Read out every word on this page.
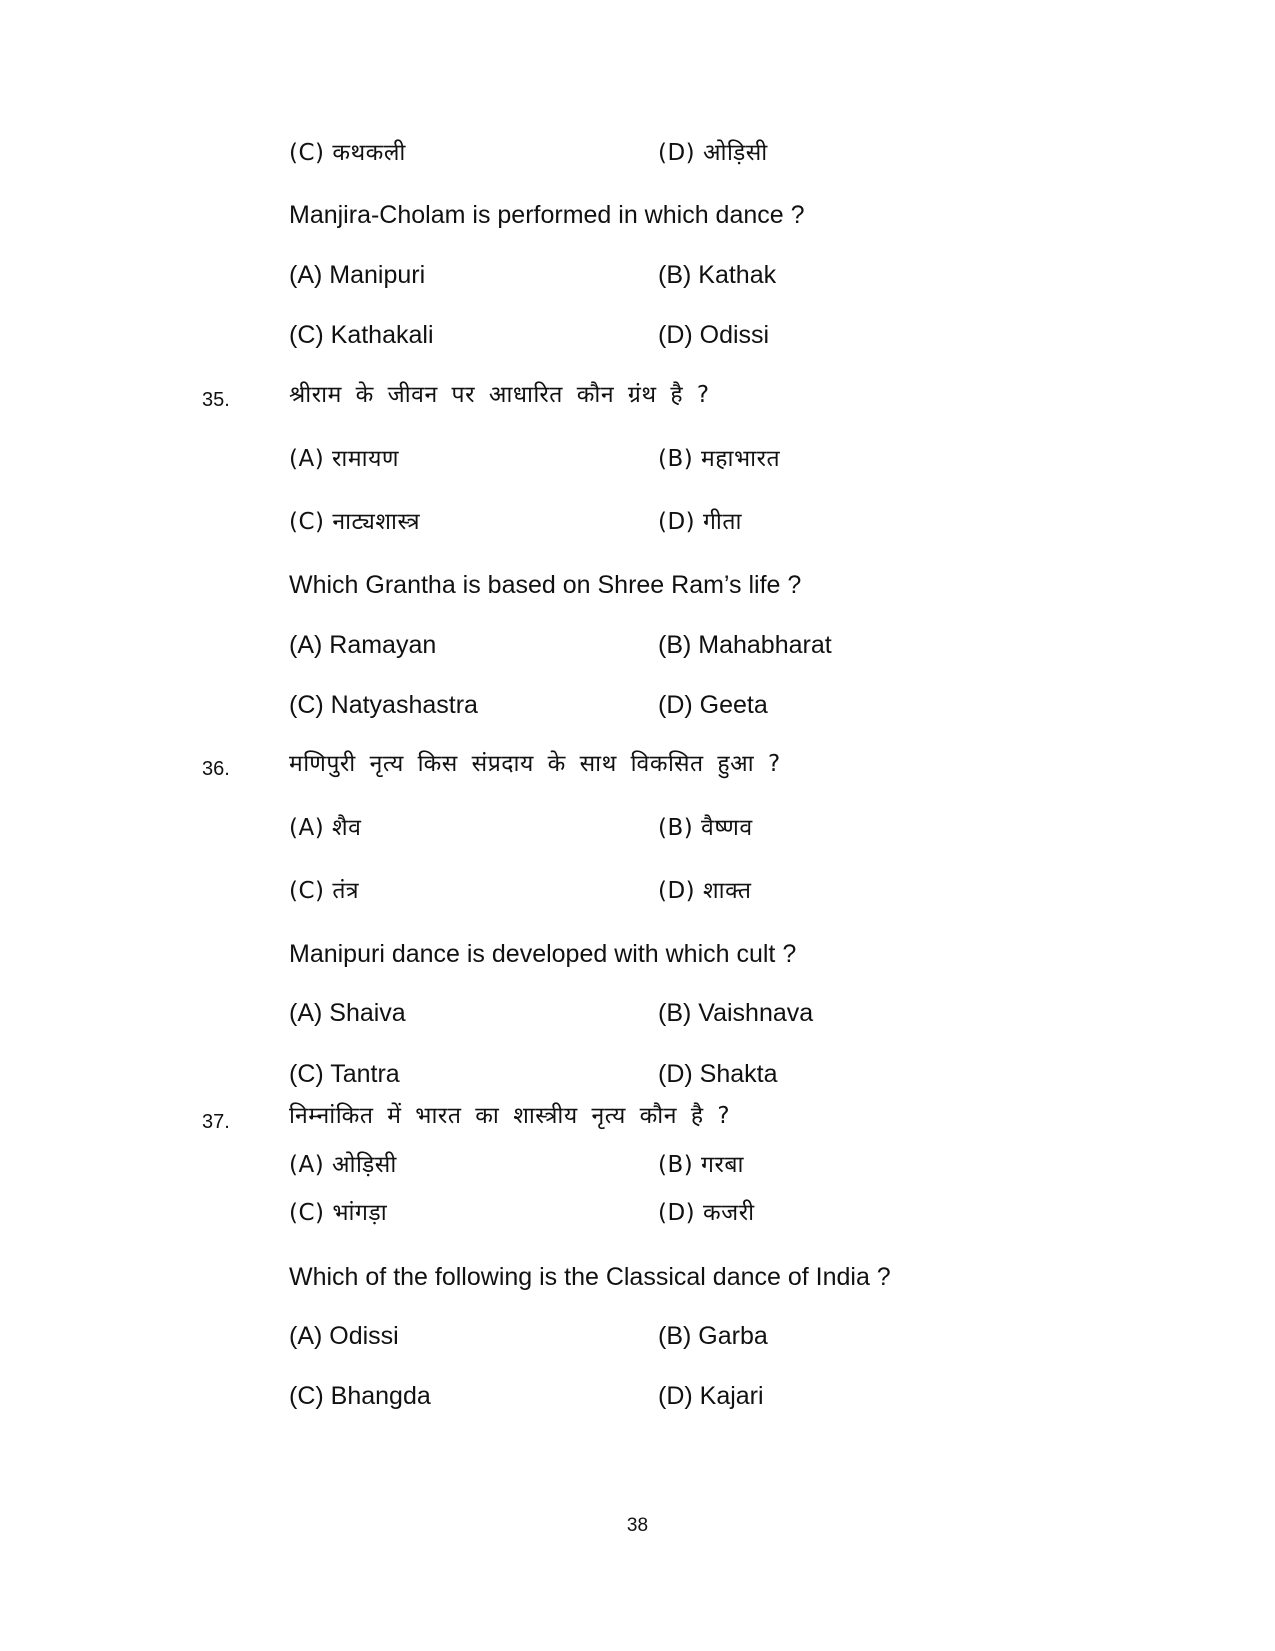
(C) कथकली	(D) ओड़िसी
Manjira-Cholam is performed in which dance ?
(A) Manipuri	(B) Kathak
(C) Kathakali	(D) Odissi
35.	श्रीराम के जीवन पर आधारित कौन ग्रंथ है ?
(A) रामायण	(B) महाभारत
(C) नाट्यशास्त्र	(D) गीता
Which Grantha is based on Shree Ram’s life ?
(A) Ramayan	(B) Mahabharat
(C) Natyashastra	(D) Geeta
36.	मणिपुरी नृत्य किस संप्रदाय के साथ विकसित हुआ ?
(A) शैव	(B) वैष्णव
(C) तंत्र	(D) शाक्त
Manipuri dance is developed with which cult ?
(A) Shaiva	(B) Vaishnava
(C) Tantra	(D) Shakta
37.	निम्नांकित में भारत का शास्त्रीय नृत्य कौन है ?
(A) ओड़िसी	(B) गरबा
(C) भांगड़ा	(D) कजरी
Which of the following is the Classical dance of India ?
(A) Odissi	(B) Garba
(C) Bhangda	(D) Kajari
38
